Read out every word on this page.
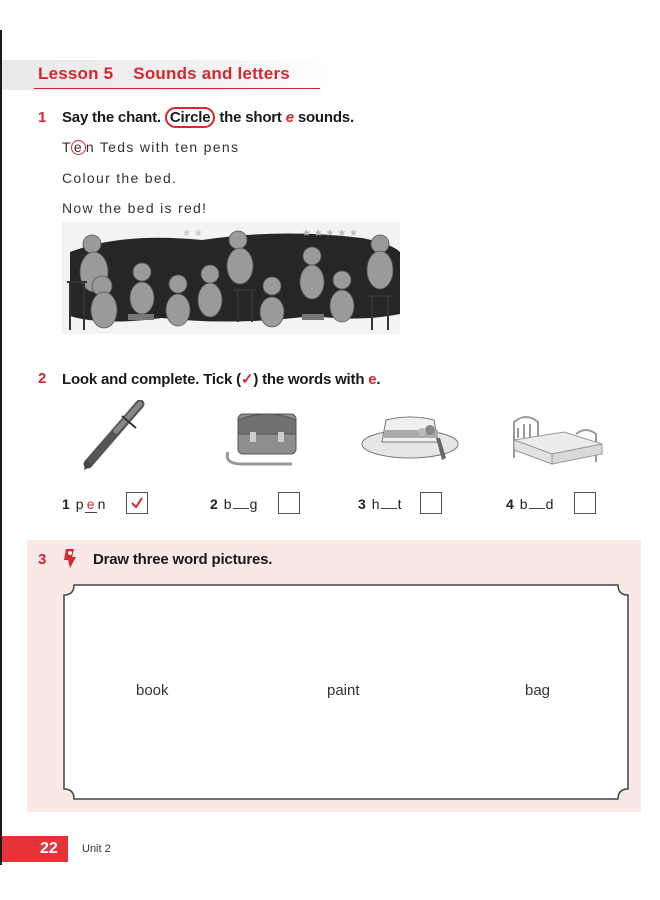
Lesson 5 Sounds and letters
1 Say the chant. Circle the short e sounds.
T e n Teds with ten pens
Colour the bed.
Now the bed is red!
★ ★ ★ ★ ★
★ ★
2 Look and complete. Tick (✓) the words with e.
1 p e n	2 b g	3 h t	4 b d
3	Draw three word pictures.
book	paint	bag
22 Unit 2
